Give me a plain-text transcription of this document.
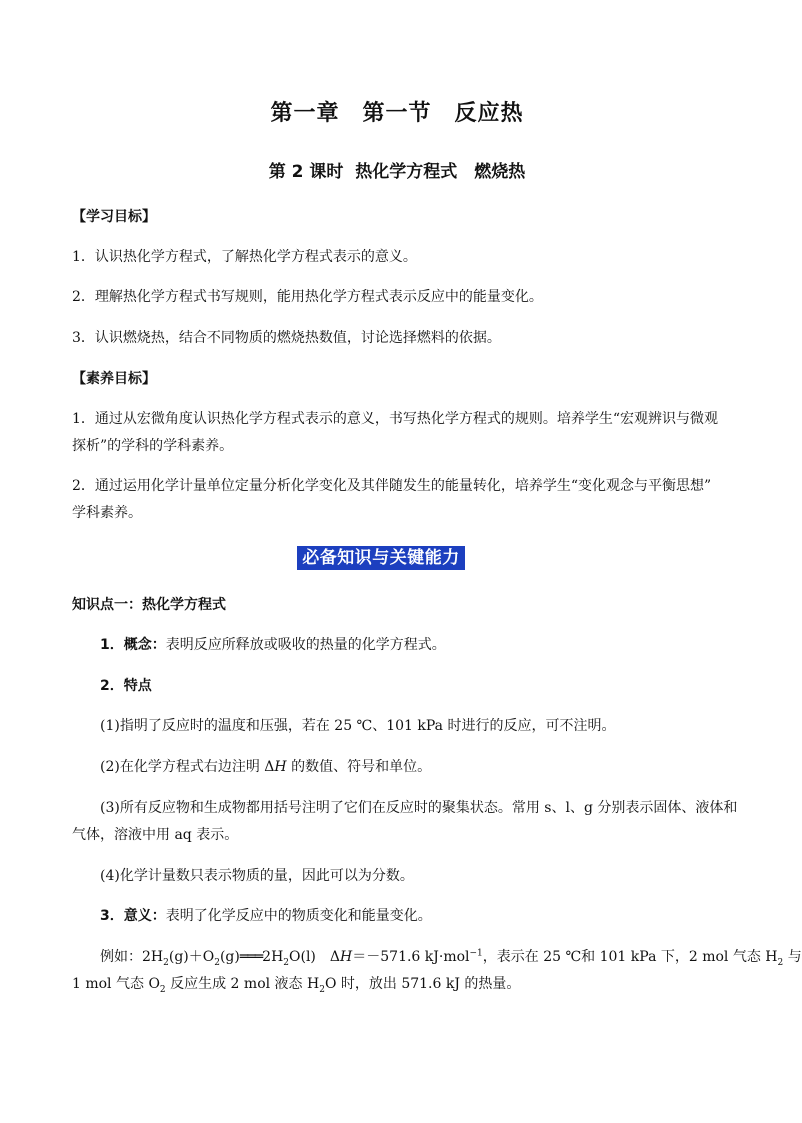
第一章　第一节　反应热
第 2 课时  热化学方程式　燃烧热
【学习目标】
1．认识热化学方程式，了解热化学方程式表示的意义。
2．理解热化学方程式书写规则，能用热化学方程式表示反应中的能量变化。
3．认识燃烧热，结合不同物质的燃烧热数值，讨论选择燃料的依据。
【素养目标】
1．通过从宏微角度认识热化学方程式表示的意义，书写热化学方程式的规则。培养学生“宏观辨识与微观
探析”的学科的学科素养。
2．通过运用化学计量单位定量分析化学变化及其伴随发生的能量转化，培养学生“变化观念与平衡思想”
学科素养。
必备知识与关键能力
知识点一：热化学方程式
1．概念：表明反应所释放或吸收的热量的化学方程式。
2．特点
(1)指明了反应时的温度和压强，若在 25 ℃、101 kPa 时进行的反应，可不注明。
(2)在化学方程式右边注明 ΔH 的数值、符号和单位。
(3)所有反应物和生成物都用括号注明了它们在反应时的聚集状态。常用 s、l、g 分别表示固体、液体和
气体，溶液中用 aq 表示。
(4)化学计量数只表示物质的量，因此可以为分数。
3．意义：表明了化学反应中的物质变化和能量变化。
例如：$2H_2(g)+O_2(g)═══2H_2O(l)$　ΔH＝－571.6 kJ·mol$^{-1}$，表示在 25 ℃和 101 kPa 下，2 mol 气态 $H_2$ 与
1 mol 气态 $O_2$ 反应生成 2 mol 液态 $H_2O$ 时，放出 571.6 kJ 的热量。
